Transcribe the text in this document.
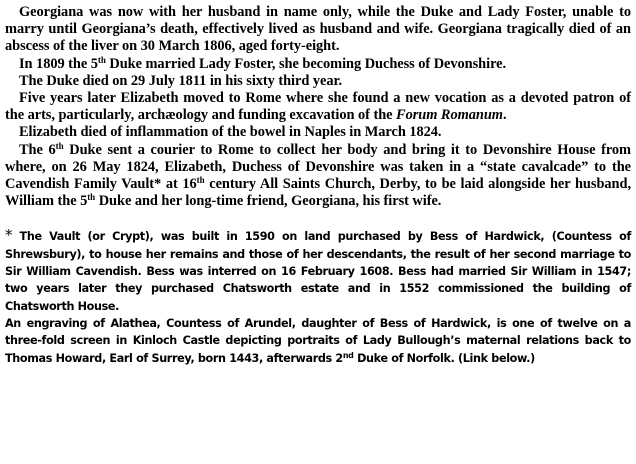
Georgiana was now with her husband in name only, while the Duke and Lady Foster, unable to marry until Georgiana’s death, effectively lived as husband and wife. Georgiana tragically died of an abscess of the liver on 30 March 1806, aged forty-eight.

In 1809 the 5th Duke married Lady Foster, she becoming Duchess of Devonshire.

The Duke died on 29 July 1811 in his sixty third year.

Five years later Elizabeth moved to Rome where she found a new vocation as a devoted patron of the arts, particularly, archæology and funding excavation of the Forum Romanum.

Elizabeth died of inflammation of the bowel in Naples in March 1824.

The 6th Duke sent a courier to Rome to collect her body and bring it to Devonshire House from where, on 26 May 1824, Elizabeth, Duchess of Devonshire was taken in a “state cavalcade” to the Cavendish Family Vault* at 16th century All Saints Church, Derby, to be laid alongside her husband, William the 5th Duke and her long-time friend, Georgiana, his first wife.

* The Vault (or Crypt), was built in 1590 on land purchased by Bess of Hardwick, (Countess of Shrewsbury), to house her remains and those of her descendants, the result of her second marriage to Sir William Cavendish. Bess was interred on 16 February 1608. Bess had married Sir William in 1547; two years later they purchased Chatsworth estate and in 1552 commissioned the building of Chatsworth House.

An engraving of Alathea, Countess of Arundel, daughter of Bess of Hardwick, is one of twelve on a three-fold screen in Kinloch Castle depicting portraits of Lady Bullough’s maternal relations back to Thomas Howard, Earl of Surrey, born 1443, afterwards 2nd Duke of Norfolk. (Link below.)
